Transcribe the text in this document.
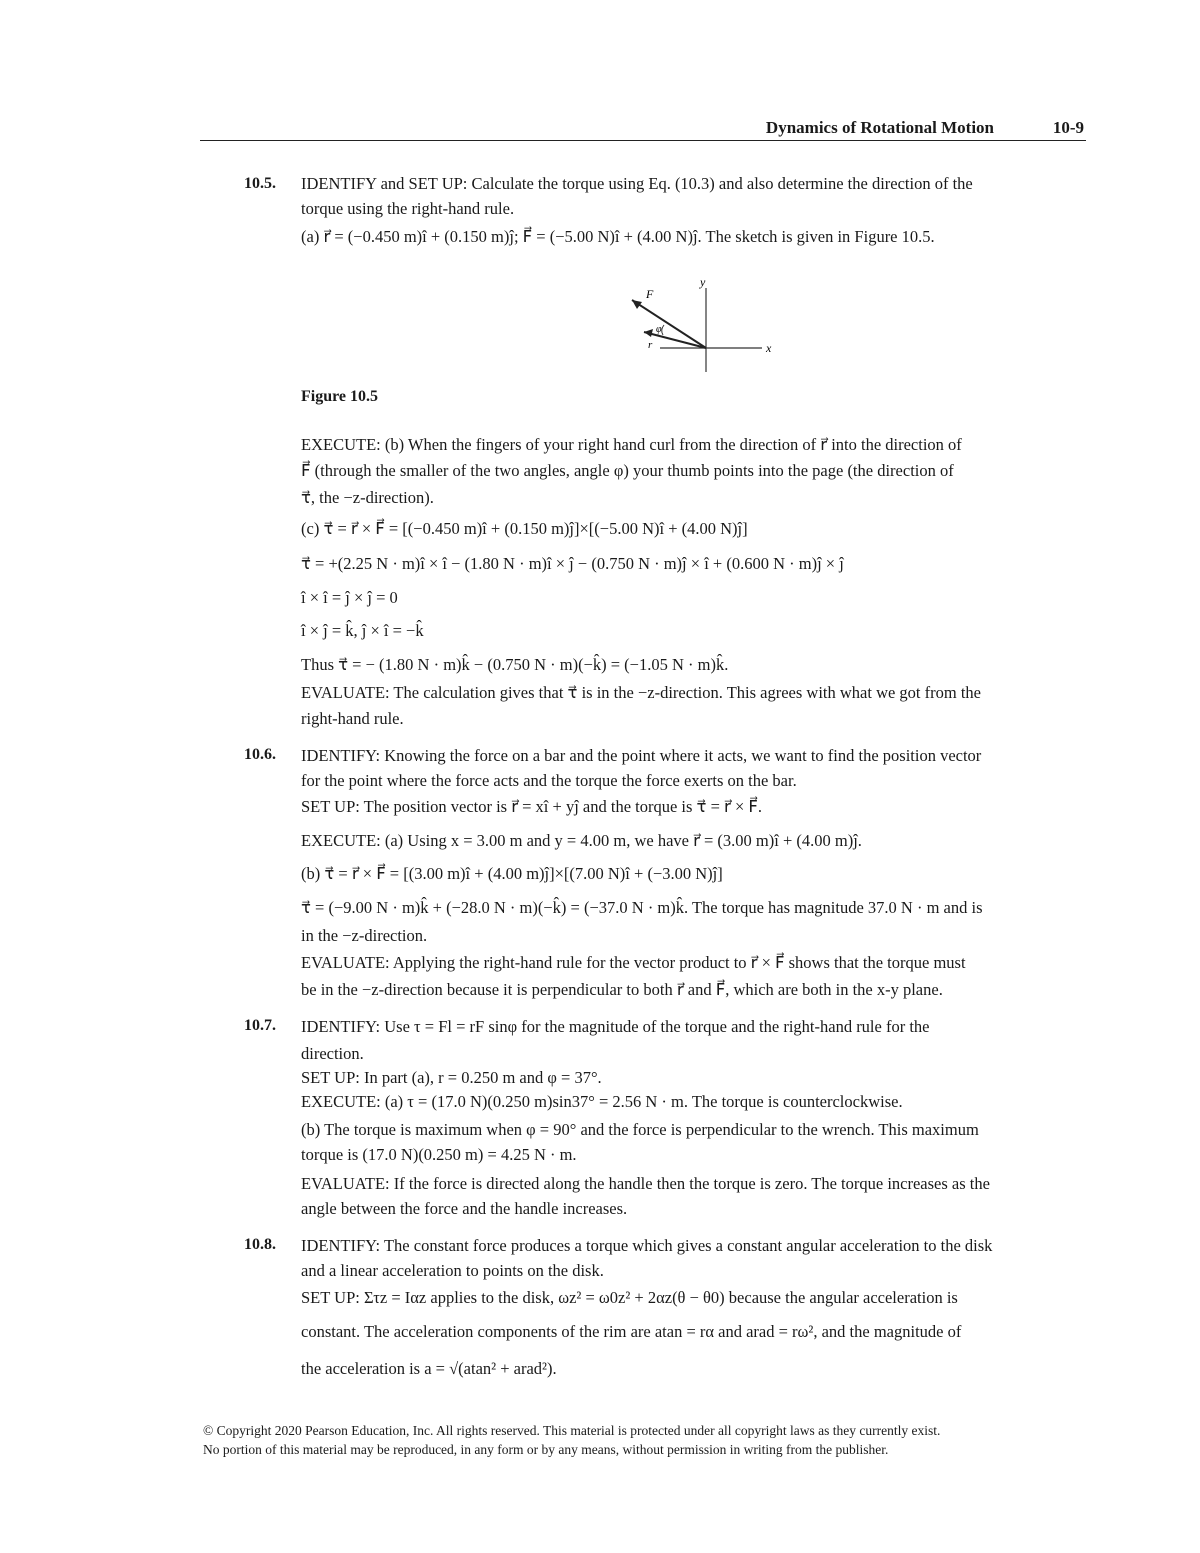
Dynamics of Rotational Motion	10-9
10.5. IDENTIFY and SET UP: Calculate the torque using Eq. (10.3) and also determine the direction of the
torque using the right-hand rule.
(a) r⃗ = (−0.450 m)î + (0.150 m)ĵ; F⃗ = (−5.00 N)î + (4.00 N)ĵ. The sketch is given in Figure 10.5.
F
y
x
r
φ
Figure 10.5
EXECUTE: (b) When the fingers of your right hand curl from the direction of r⃗ into the direction of
F⃗ (through the smaller of the two angles, angle φ) your thumb points into the page (the direction of
τ⃗, the −z-direction).
(c) τ⃗ = r⃗ × F⃗ = [(−0.450 m)î + (0.150 m)ĵ]×[(−5.00 N)î + (4.00 N)ĵ]
τ⃗ = +(2.25 N · m)î × î − (1.80 N · m)î × ĵ − (0.750 N · m)ĵ × î + (0.600 N · m)ĵ × ĵ
î × î = ĵ × ĵ = 0
î × ĵ = k̂, ĵ × î = −k̂
Thus τ⃗ = − (1.80 N · m)k̂ − (0.750 N · m)(−k̂) = (−1.05 N · m)k̂.
EVALUATE: The calculation gives that τ⃗ is in the −z-direction. This agrees with what we got from the
right-hand rule.
10.6. IDENTIFY: Knowing the force on a bar and the point where it acts, we want to find the position vector
for the point where the force acts and the torque the force exerts on the bar.
SET UP: The position vector is r⃗ = xî + yĵ and the torque is τ⃗ = r⃗ × F⃗.
EXECUTE: (a) Using x = 3.00 m and y = 4.00 m, we have r⃗ = (3.00 m)î + (4.00 m)ĵ.
(b) τ⃗ = r⃗ × F⃗ = [(3.00 m)î + (4.00 m)ĵ]×[(7.00 N)î + (−3.00 N)ĵ]
τ⃗ = (−9.00 N · m)k̂ + (−28.0 N · m)(−k̂) = (−37.0 N · m)k̂. The torque has magnitude 37.0 N · m and is
in the −z-direction.
EVALUATE: Applying the right-hand rule for the vector product to r⃗ × F⃗ shows that the torque must
be in the −z-direction because it is perpendicular to both r⃗ and F⃗, which are both in the x-y plane.
10.7. IDENTIFY: Use τ = Fl = rF sinφ for the magnitude of the torque and the right-hand rule for the
direction.
SET UP: In part (a), r = 0.250 m and φ = 37°.
EXECUTE: (a) τ = (17.0 N)(0.250 m)sin37° = 2.56 N · m. The torque is counterclockwise.
(b) The torque is maximum when φ = 90° and the force is perpendicular to the wrench. This maximum
torque is (17.0 N)(0.250 m) = 4.25 N · m.
EVALUATE: If the force is directed along the handle then the torque is zero. The torque increases as the
angle between the force and the handle increases.
10.8. IDENTIFY: The constant force produces a torque which gives a constant angular acceleration to the disk
and a linear acceleration to points on the disk.
SET UP: Στz = Iαz applies to the disk, ωz² = ω0z² + 2αz(θ − θ0) because the angular acceleration is
constant. The acceleration components of the rim are atan = rα and arad = rω², and the magnitude of
the acceleration is a = √(atan² + arad²).
© Copyright 2020 Pearson Education, Inc. All rights reserved. This material is protected under all copyright laws as they currently exist.
No portion of this material may be reproduced, in any form or by any means, without permission in writing from the publisher.
